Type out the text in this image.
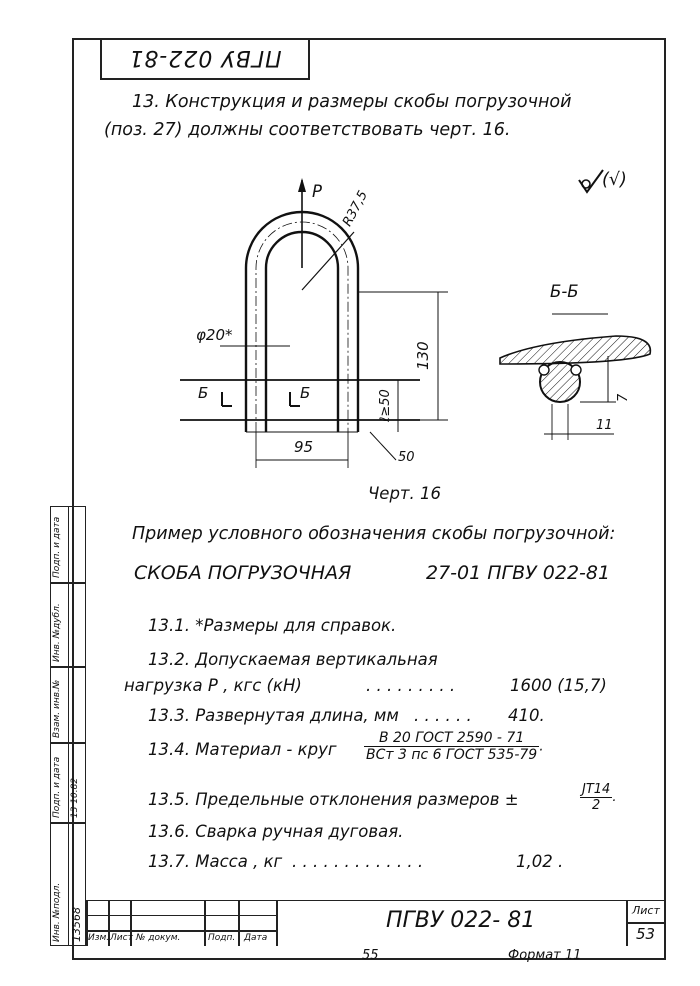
ПГВУ 022-81
13. Конструкция и размеры скобы погрузочной
(поз. 27) должны соответствовать черт. 16.
(√)
P R37,5
φ20*
130
ℓ≥50
95
50
Б	Б
Б-Б
7
11
Черт. 16
Пример условного обозначения скобы погрузочной:
СКОБА ПОГРУЗОЧНАЯ	27-01 ПГВУ 022-81
13.1. *Размеры для справок.
13.2. Допускаемая вертикальная
нагрузка Р , кгс (кН)	. . . . . . . . .	1600 (15,7)
13.3. Развернутая длина, мм . . . . . . 410.
13.4. Материал - круг $\frac{\text{В 20 ГОСТ 2590 - 71}}{\text{ВСт 3 пс 6 ГОСТ 535-79}}$ .
13.5. Предельные отклонения размеров ±	$\frac{JT14}{2}$ .
13.6. Сварка ручная дуговая.
13.7. Масса , кг . . . . . . . . . . . . .	1,02 .
Инв. №подл.
Подп. и дата
Взам. инв.№
Инв. №дубл.
Подп. и дата
13568
13 10.82
Изм. Лист № докум.	Подп. Дата
ПГВУ 022- 81	Лист
53
55	Формат 11
